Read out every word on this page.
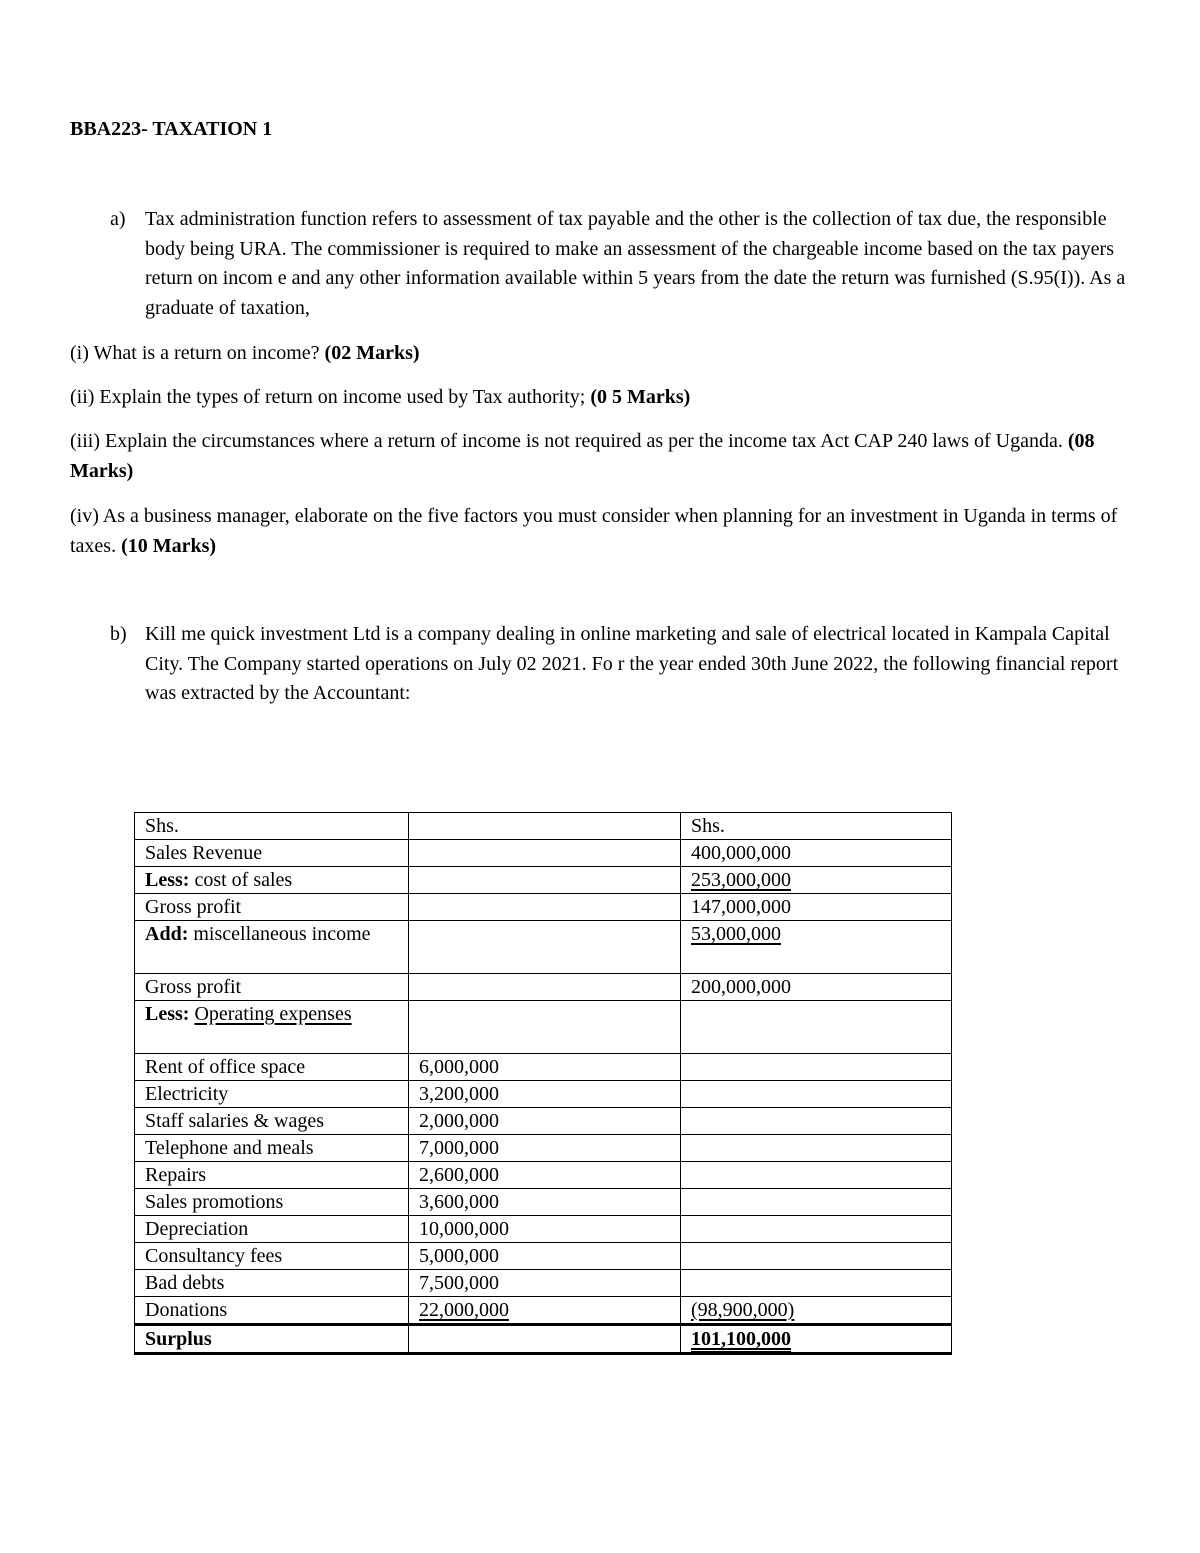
BBA223- TAXATION 1
a) Tax administration function refers to assessment of tax payable and the other is the collection of tax due, the responsible body being URA. The commissioner is required to make an assessment of the chargeable income based on the tax payers return on incom e and any other information available within 5 years from the date the return was furnished (S.95(I)). As a graduate of taxation,
(i) What is a return on income? (02 Marks)
(ii) Explain the types of return on income used by Tax authority; (0 5 Marks)
(iii) Explain the circumstances where a return of income is not required as per the income tax Act CAP 240 laws of Uganda. (08 Marks)
(iv) As a business manager, elaborate on the five factors you must consider when planning for an investment in Uganda in terms of taxes. (10 Marks)
b) Kill me quick investment Ltd is a company dealing in online marketing and sale of electrical located in Kampala Capital City. The Company started operations on July 02 2021. Fo r the year ended 30th June 2022, the following financial report was extracted by the Accountant:
Shs.		Shs.
Sales Revenue		400,000,000
Less: cost of sales		253,000,000
Gross profit		147,000,000
Add: miscellaneous income		53,000,000
Gross profit		200,000,000
Less: Operating expenses		
Rent of office space	6,000,000	
Electricity	3,200,000	
Staff salaries & wages	2,000,000	
Telephone and meals	7,000,000	
Repairs	2,600,000	
Sales promotions	3,600,000	
Depreciation	10,000,000	
Consultancy fees	5,000,000	
Bad debts	7,500,000	
Donations	22,000,000	(98,900,000)
Surplus		101,100,000
